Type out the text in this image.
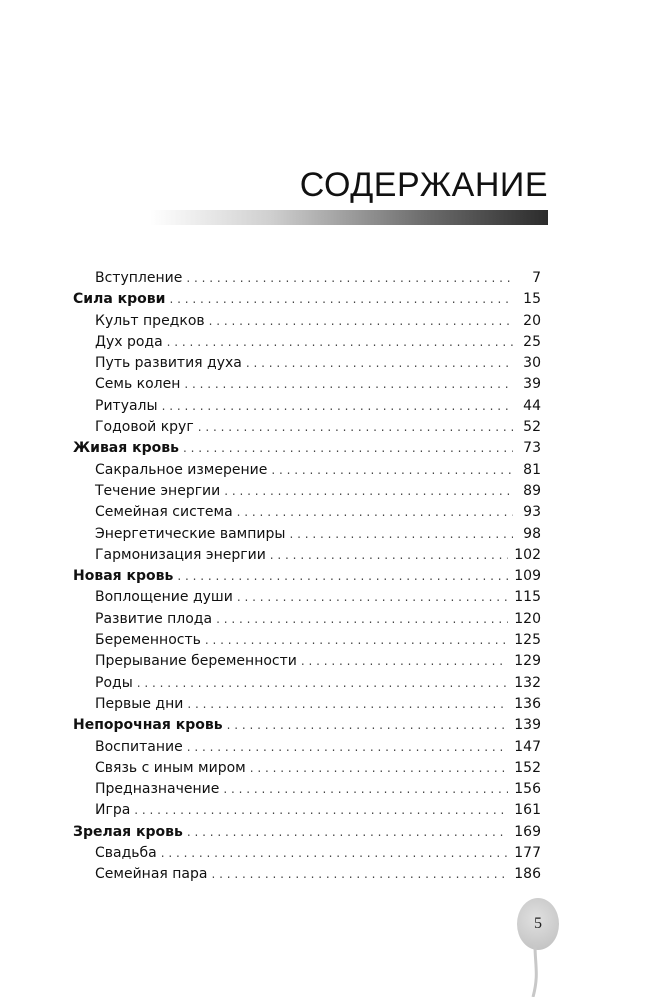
СОДЕРЖАНИЕ
Вступление . . .	7
Сила крови . . .	15
Культ предков . . .	20
Дух рода . . .	25
Путь развития духа . . .	30
Семь колен . . .	39
Ритуалы . . .	44
Годовой круг . . .	52
Живая кровь . . .	73
Сакральное измерение . . .	81
Течение энергии . . .	89
Семейная система . . .	93
Энергетические вампиры . . .	98
Гармонизация энергии . . .	102
Новая кровь . . .	109
Воплощение души . . .	115
Развитие плода . . .	120
Беременность . . .	125
Прерывание беременности . . .	129
Роды . . .	132
Первые дни . . .	136
Непорочная кровь . . .	139
Воспитание . . .	147
Связь с иным миром . . .	152
Предназначение . . .	156
Игра . . .	161
Зрелая кровь . . .	169
Свадьба . . .	177
Семейная пара . . .	186
5
